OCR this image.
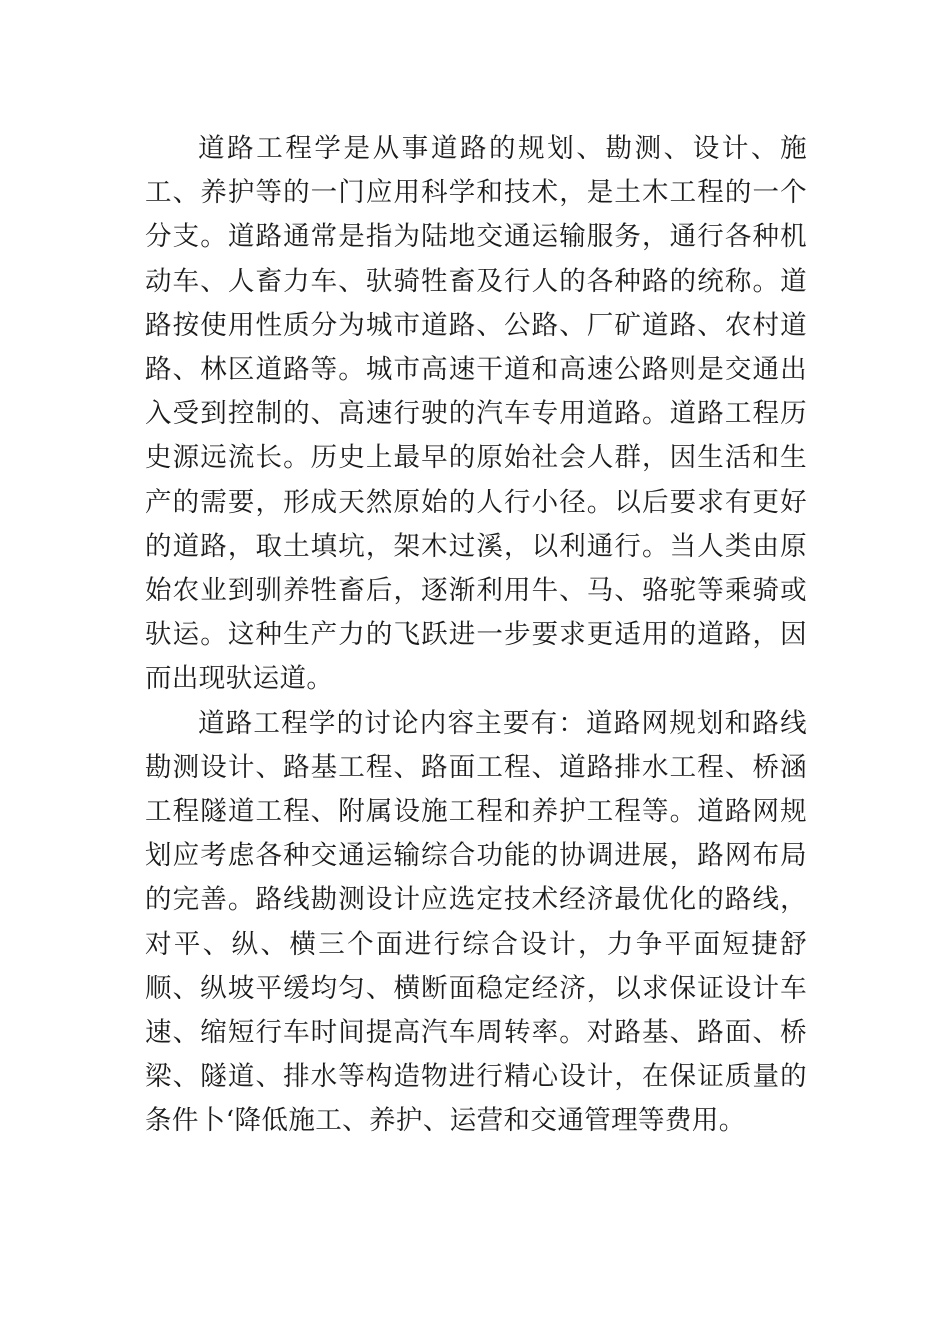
道路工程学是从事道路的规划、勘测、设计、施工、养护等的一门应用科学和技术，是土木工程的一个分支。道路通常是指为陆地交通运输服务，通行各种机动车、人畜力车、驮骑牲畜及行人的各种路的统称。道路按使用性质分为城市道路、公路、厂矿道路、农村道路、林区道路等。城市高速干道和高速公路则是交通出入受到控制的、高速行驶的汽车专用道路。道路工程历史源远流长。历史上最早的原始社会人群，因生活和生产的需要，形成天然原始的人行小径。以后要求有更好的道路，取土填坑，架木过溪，以利通行。当人类由原始农业到驯养牲畜后，逐渐利用牛、马、骆驼等乘骑或驮运。这种生产力的飞跃进一步要求更适用的道路，因而出现驮运道。

道路工程学的讨论内容主要有：道路网规划和路线勘测设计、路基工程、路面工程、道路排水工程、桥涵工程隧道工程、附属设施工程和养护工程等。道路网规划应考虑各种交通运输综合功能的协调进展，路网布局的完善。路线勘测设计应选定技术经济最优化的路线，对平、纵、横三个面进行综合设计，力争平面短捷舒顺、纵坡平缓均匀、横断面稳定经济，以求保证设计车速、缩短行车时间提高汽车周转率。对路基、路面、桥梁、隧道、排水等构造物进行精心设计，在保证质量的条件卜‘降低施工、养护、运营和交通管理等费用。
